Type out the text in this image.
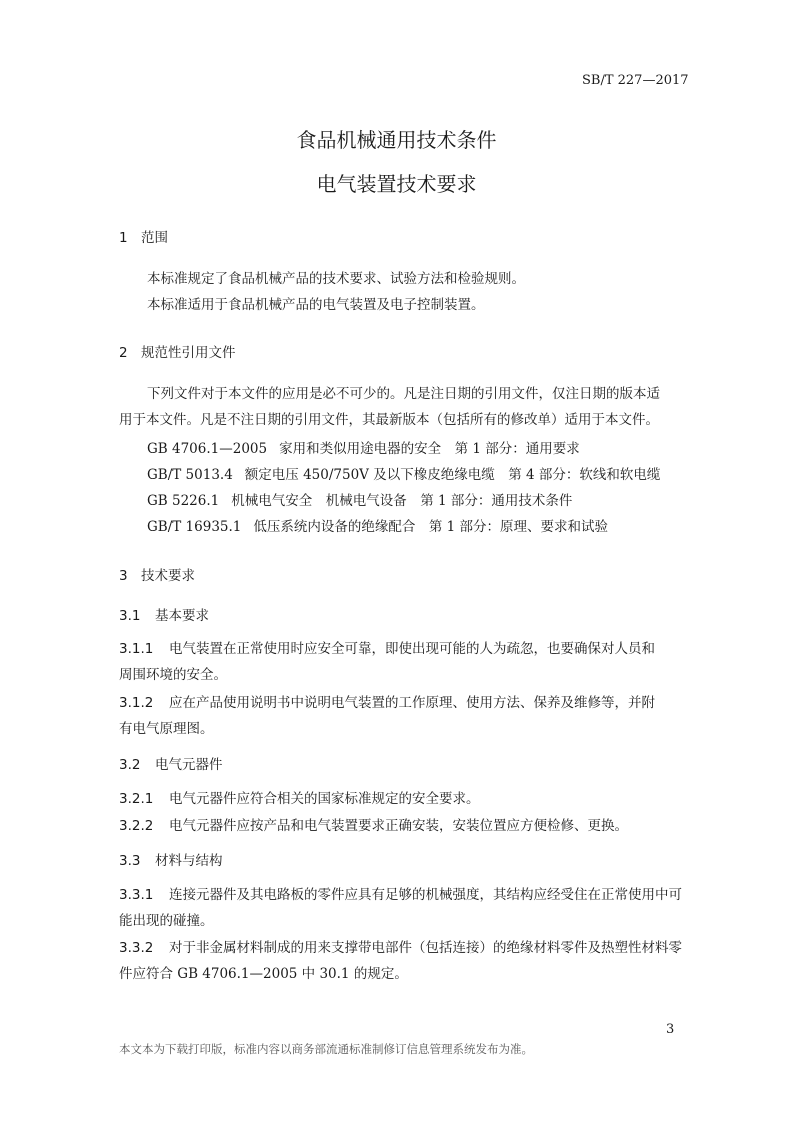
SB/T 227—2017
食品机械通用技术条件
电气装置技术要求
1 范围
本标准规定了食品机械产品的技术要求、试验方法和检验规则。
本标准适用于食品机械产品的电气装置及电子控制装置。
2 规范性引用文件
下列文件对于本文件的应用是必不可少的。凡是注日期的引用文件，仅注日期的版本适
用于本文件。凡是不注日期的引用文件，其最新版本（包括所有的修改单）适用于本文件。
GB 4706.1—2005 家用和类似用途电器的安全　第 1 部分：通用要求
GB/T 5013.4 额定电压 450/750V 及以下橡皮绝缘电缆　第 4 部分：软线和软电缆
GB 5226.1 机械电气安全　机械电气设备　第 1 部分：通用技术条件
GB/T 16935.1 低压系统内设备的绝缘配合　第 1 部分：原理、要求和试验
3 技术要求
3.1 基本要求
3.1.1 电气装置在正常使用时应安全可靠，即使出现可能的人为疏忽，也要确保对人员和
周围环境的安全。
3.1.2 应在产品使用说明书中说明电气装置的工作原理、使用方法、保养及维修等，并附
有电气原理图。
3.2 电气元器件
3.2.1 电气元器件应符合相关的国家标准规定的安全要求。
3.2.2 电气元器件应按产品和电气装置要求正确安装，安装位置应方便检修、更换。
3.3 材料与结构
3.3.1 连接元器件及其电路板的零件应具有足够的机械强度，其结构应经受住在正常使用中可
能出现的碰撞。
3.3.2 对于非金属材料制成的用来支撑带电部件（包括连接）的绝缘材料零件及热塑性材料零
件应符合 GB 4706.1—2005 中 30.1 的规定。
3
本文本为下载打印版，标准内容以商务部流通标准制修订信息管理系统发布为准。
